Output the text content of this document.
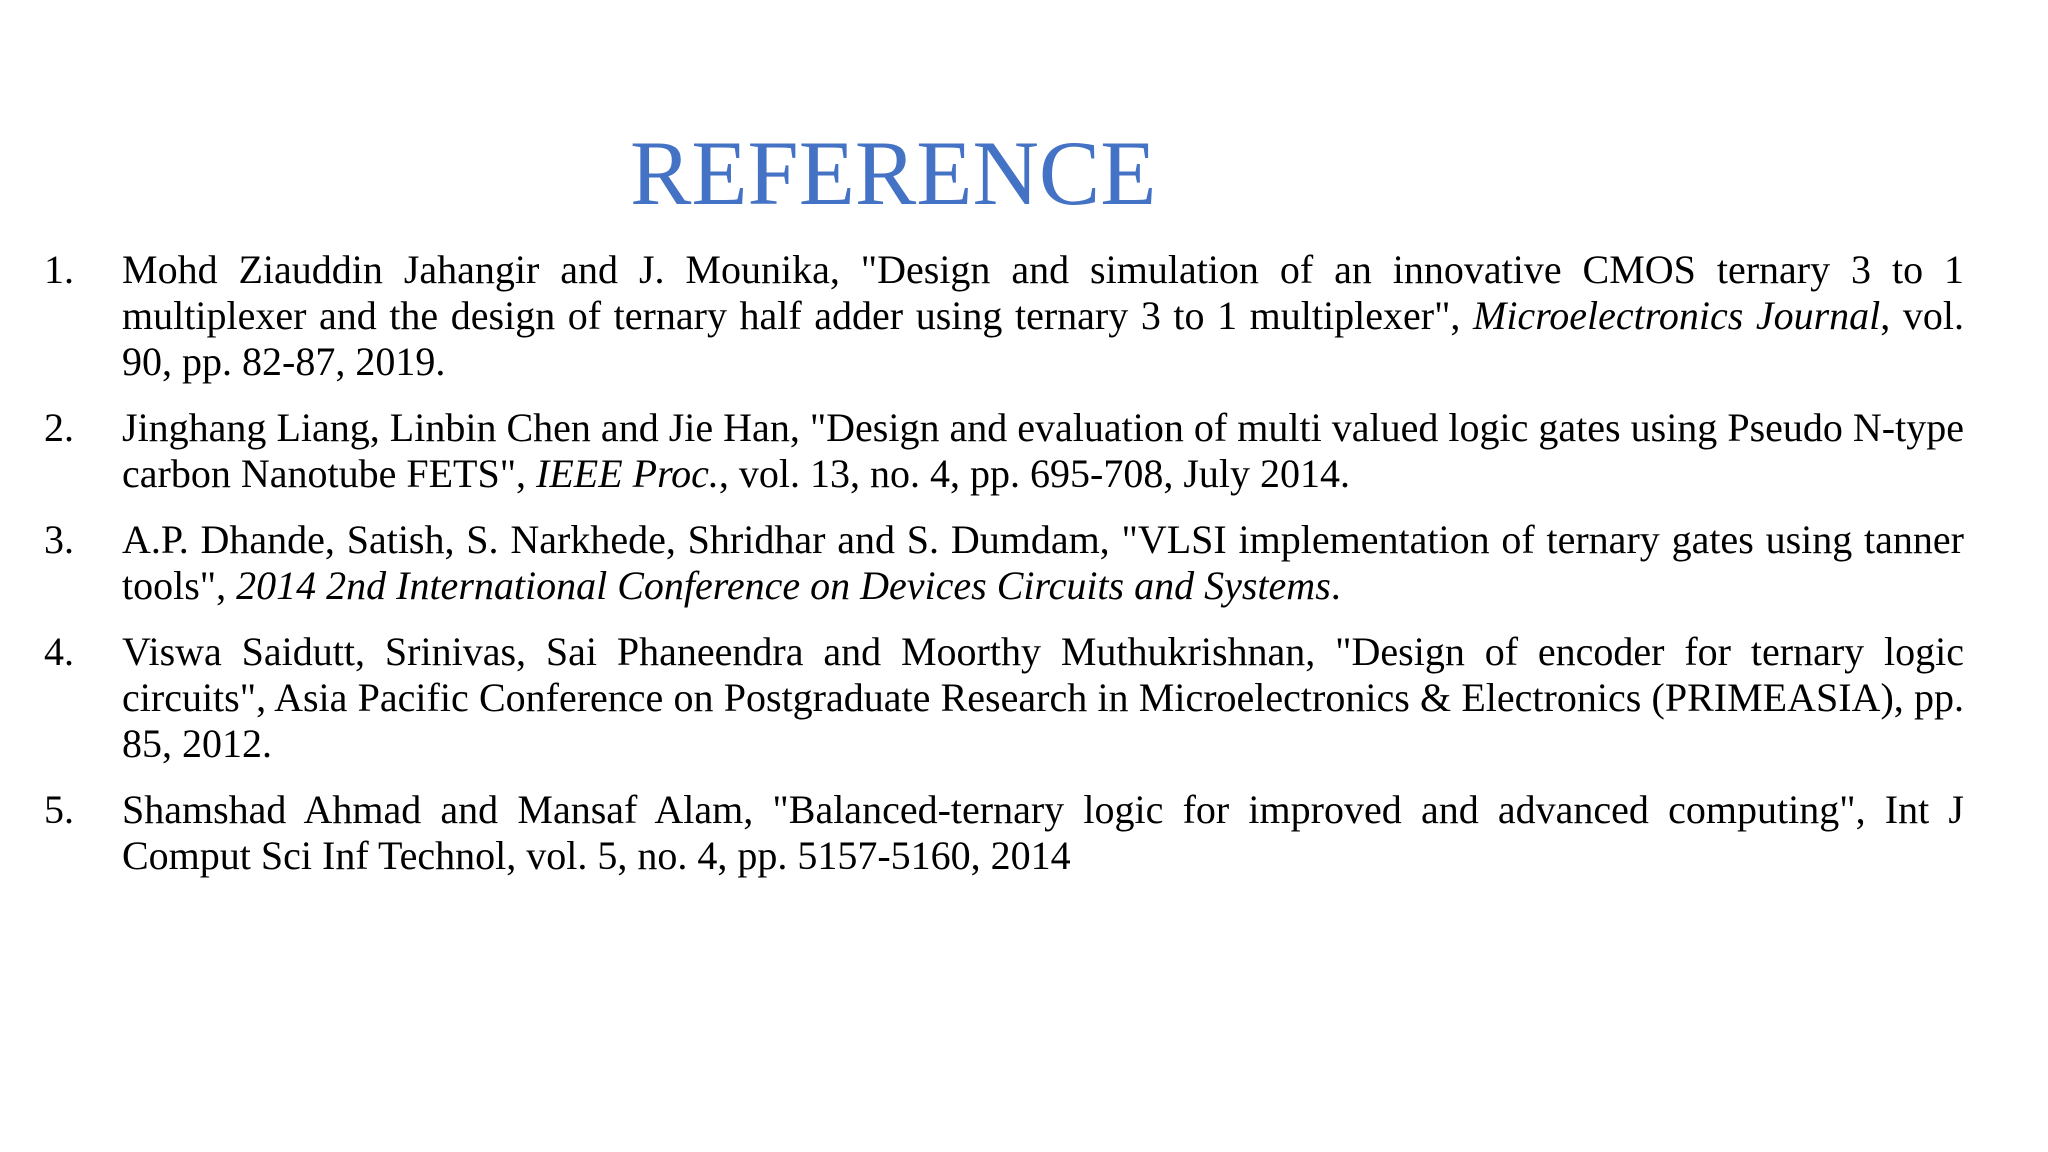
REFERENCE
1.	Mohd Ziauddin Jahangir and J. Mounika, "Design and simulation of an innovative CMOS ternary 3 to 1 multiplexer and the design of ternary half adder using ternary 3 to 1 multiplexer", Microelectronics Journal, vol. 90, pp. 82-87, 2019.
2.	Jinghang Liang, Linbin Chen and Jie Han, "Design and evaluation of multi valued logic gates using Pseudo N-type carbon Nanotube FETS", IEEE Proc., vol. 13, no. 4, pp. 695-708, July 2014.
3.	A.P. Dhande, Satish, S. Narkhede, Shridhar and S. Dumdam, "VLSI implementation of ternary gates using tanner tools", 2014 2nd International Conference on Devices Circuits and Systems.
4.	Viswa Saidutt, Srinivas, Sai Phaneendra and Moorthy Muthukrishnan, "Design of encoder for ternary logic circuits", Asia Pacific Conference on Postgraduate Research in Microelectronics & Electronics (PRIMEASIA), pp. 85, 2012.
5.	Shamshad Ahmad and Mansaf Alam, "Balanced-ternary logic for improved and advanced computing", Int J Comput Sci Inf Technol, vol. 5, no. 4, pp. 5157-5160, 2014
